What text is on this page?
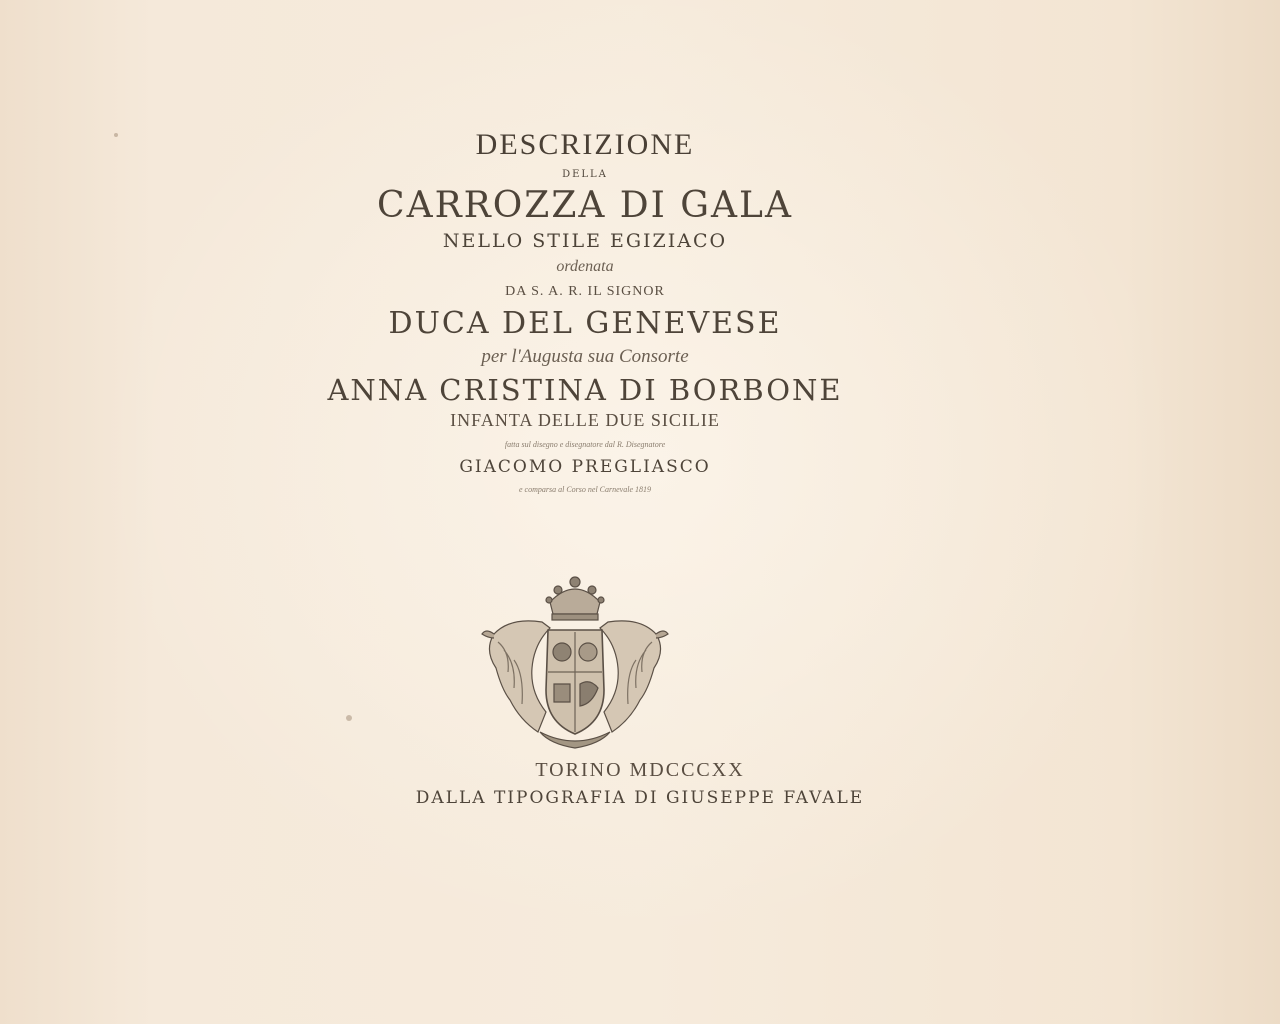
DESCRIZIONE
DELLA
CARROZZA DI GALA
NELLO STILE EGIZIACO
ordenata
DA S. A. R. IL SIGNOR
DUCA DEL GENEVESE
per l'Augusta sua Consorte
ANNA CRISTINA DI BORBONE
INFANTA DELLE DUE SICILIE
fatta sul disegno e disegnatore dal R. Disegnatore
GIACOMO PREGLIASCO
e comparsa al Corso nel Carnevale 1819
TORINO MDCCCXX
DALLA TIPOGRAFIA DI GIUSEPPE FAVALE
